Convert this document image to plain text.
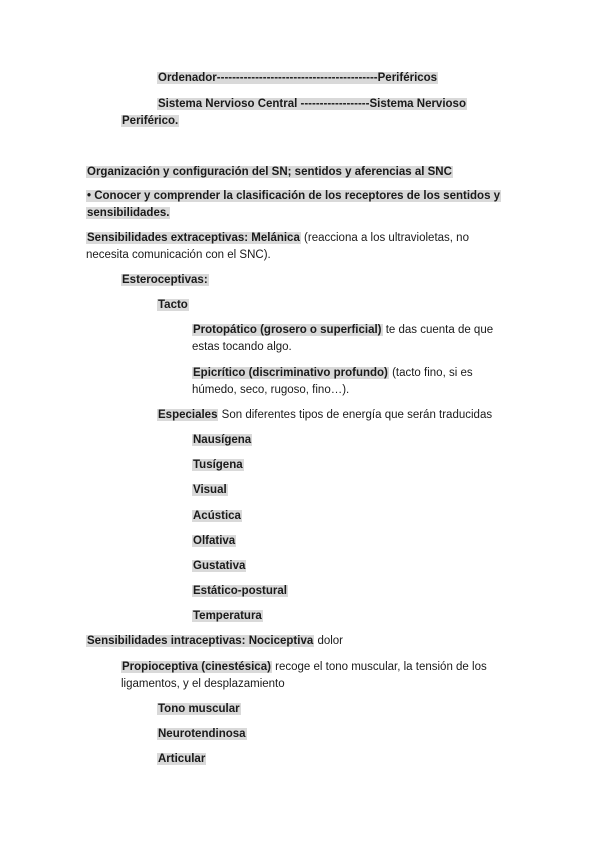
Ordenador------------------------------------------Periféricos
Sistema Nervioso Central ------------------Sistema Nervioso
Periférico.
Organización y configuración del SN; sentidos y aferencias al SNC
• Conocer y comprender la clasificación de los receptores de los sentidos y
sensibilidades.
Sensibilidades extraceptivas: Melánica (reacciona a los ultravioletas, no
necesita comunicación con el SNC).
Esteroceptivas:
Tacto
Protopático (grosero o superficial) te das cuenta de que
estas tocando algo.
Epicrítico (discriminativo profundo) (tacto fino, si es
húmedo, seco, rugoso, fino…).
Especiales Son diferentes tipos de energía que serán traducidas
Nausígena
Tusígena
Visual
Acústica
Olfativa
Gustativa
Estático-postural
Temperatura
Sensibilidades intraceptivas: Nociceptiva dolor
Propioceptiva (cinestésica) recoge el tono muscular, la tensión de los
ligamentos, y el desplazamiento
Tono muscular
Neurotendinosa
Articular
